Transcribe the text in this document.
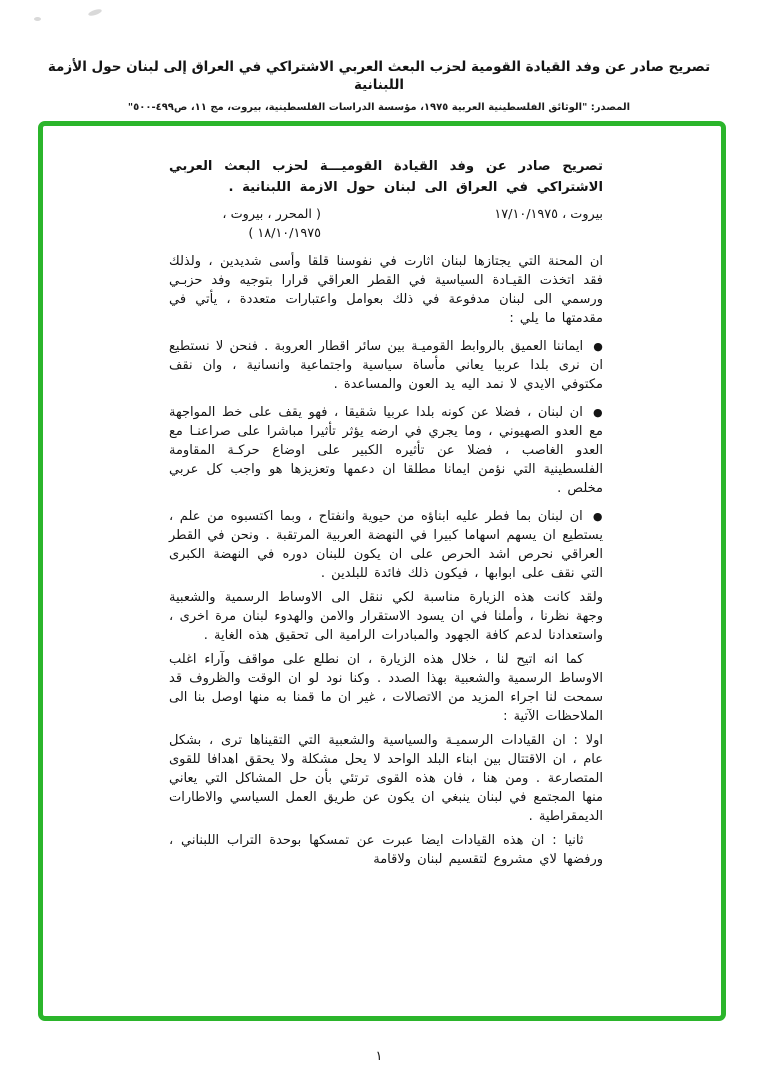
تصريح صادر عن وفد القيادة القومية لحزب البعث العربي الاشتراكي في العراق إلى لبنان حول الأزمة اللبنانية
المصدر: "الوثائق الفلسطينية العربية ١٩٧٥، مؤسسة الدراسات الفلسطينية، بيروت، مج ١١، ص٤٩٩-٥٠٠"
تصريح صادر عن وفد القيادة القوميـــة لحزب البعث العربي الاشتراكي في العراق الى لبنان حول الازمة اللبنانية .
بيروت ، ١٧/١٠/١٩٧٥
( المحرر ، بيروت ، ١٨/١٠/١٩٧٥ )

ان المحنة التي يجتازها لبنان اثارت في نفوسنا قلقا وأسى شديدين ، ولذلك فقد اتخذت القيـادة السياسية في القطر العراقي قرارا بتوجيه وفد حزبـي ورسمي الى لبنان مدفوعة في ذلك بعوامل واعتبارات متعددة ، يأتي في مقدمتها ما يلي :

● ايماننا العميق بالروابط القوميـة بين سائر اقطار العروبة . فنحن لا نستطيع ان نرى بلدا عربيا يعاني مأساة سياسية واجتماعية وانسانية ، وان نقف مكتوفي الايدي لا نمد اليه يد العون والمساعدة .

● ان لبنان ، فضلا عن كونه بلدا عربيا شقيقا ، فهو يقف على خط المواجهة مع العدو الصهيوني ، وما يجري في ارضه يؤثر تأثيرا مباشرا على صراعنـا مع العدو الغاصب ، فضلا عن تأثيره الكبير على اوضاع حركـة المقاومة الفلسطينية التي نؤمن ايمانا مطلقا ان دعمها وتعزيزها هو واجب كل عربي مخلص .

● ان لبنان بما فطر عليه ابناؤه من حيوية وانفتاح ، وبما اكتسبوه من علم ، يستطيع ان يسهم اسهاما كبيرا في النهضة العربية المرتقبة . ونحن في القطر العراقي نحرص اشد الحرص على ان يكون للبنان دوره في النهضة الكبرى التي نقف على ابوابها ، فيكون ذلك فائدة للبلدين .

ولقد كانت هذه الزيارة مناسبة لكي ننقل الى الاوساط الرسمية والشعبية وجهة نظرنا ، وأملنا في ان يسود الاستقرار والامن والهدوء لبنان مرة اخرى ، واستعدادنا لدعم كافة الجهود والمبادرات الرامية الى تحقيق هذه الغاية .

كما انه اتيح لنا ، خلال هذه الزيارة ، ان نطلع على مواقف وآراء اغلب الاوساط الرسمية والشعبية بهذا الصدد . وكنا نود لو ان الوقت والظروف قد سمحت لنا اجراء المزيد من الاتصالات ، غير ان ما قمنا به منها اوصل بنا الى الملاحظات الآتية :

اولا : ان القيادات الرسميـة والسياسية والشعبية التي التقيناها ترى ، بشكل عام ، ان الاقتتال بين ابناء البلد الواحد لا يحل مشكلة ولا يحقق اهدافا للقوى المتصارعة . ومن هنا ، فان هذه القوى ترتئي بأن حل المشاكل التي يعاني منها المجتمع في لبنان ينبغي ان يكون عن طريق العمل السياسي والاطارات الديمقراطية .

ثانيا : ان هذه القيادات ايضا عبرت عن تمسكها بوحدة التراب اللبناني ، ورفضها لاي مشروع لتقسيم لبنان ولاقامة

١
